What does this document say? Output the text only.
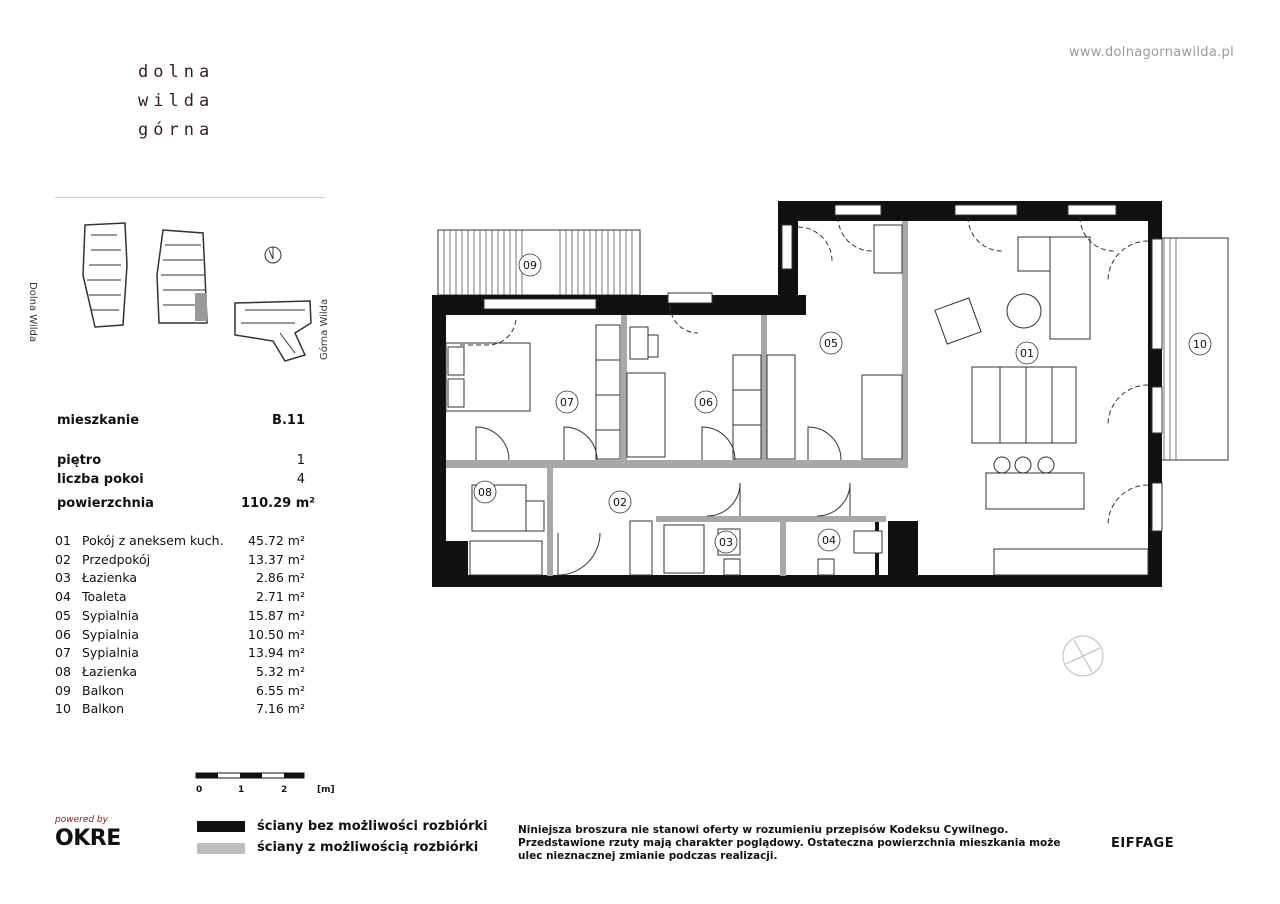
dolna
wilda
górna
www.dolnagornawilda.pl
Dolna Wilda	Górna Wilda
mieszkanie	B.11
piętro	1
liczba pokoi	4
powierzchnia	110.29 m²
01 Pokój z aneksem kuch.	45.72 m²
02 Przedpokój	13.37 m²
03 Łazienka	2.86 m²
04 Toaleta	2.71 m²
05 Sypialnia	15.87 m²
06 Sypialnia	10.50 m²
07 Sypialnia	13.94 m²
08 Łazienka	5.32 m²
09 Balkon	6.55 m²
10 Balkon	7.16 m²
0	1	2	[m]
ściany bez możliwości rozbiórki
ściany z możliwością rozbiórki
Niniejsza broszura nie stanowi oferty w rozumieniu przepisów Kodeksu Cywilnego.
Przedstawione rzuty mają charakter poglądowy. Ostateczna powierzchnia mieszkania może
ulec nieznacznej zmianie podczas realizacji.
EIFFAGE
powered by
OKRE
09
07	06
05
01
08
02
03	04
10
